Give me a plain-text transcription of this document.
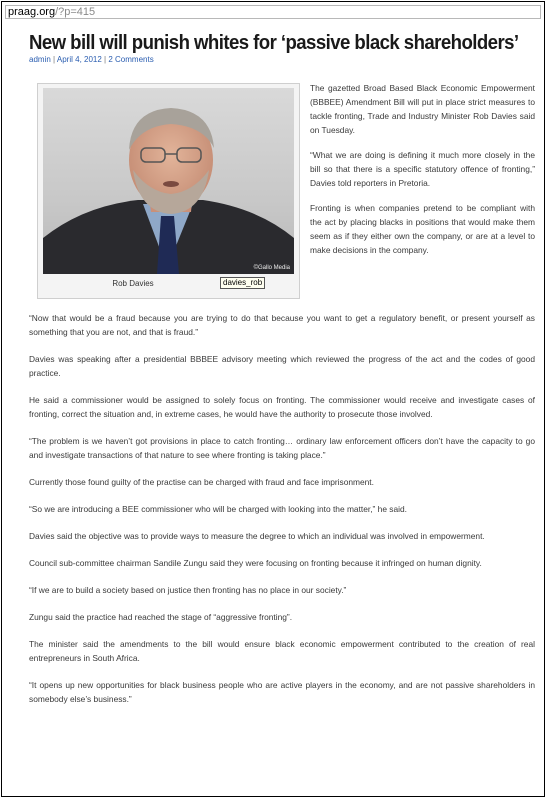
praag.org/?p=415
New bill will punish whites for ‘passive black shareholders’
admin | April 4, 2012 | 2 Comments
©Gallo Media
Rob Davies	davies_rob

The gazetted Broad Based Black Economic Empowerment (BBBEE) Amendment Bill will put in place strict measures to tackle fronting, Trade and Industry Minister Rob Davies said on Tuesday.

“What we are doing is defining it much more closely in the bill so that there is a specific statutory offence of fronting,” Davies told reporters in Pretoria.

Fronting is when companies pretend to be compliant with the act by placing blacks in positions that would make them seem as if they either own the company, or are at a level to make decisions in the company.

“Now that would be a fraud because you are trying to do that because you want to get a regulatory benefit, or present yourself as something that you are not, and that is fraud.”

Davies was speaking after a presidential BBBEE advisory meeting which reviewed the progress of the act and the codes of good practice.

He said a commissioner would be assigned to solely focus on fronting. The commissioner would receive and investigate cases of fronting, correct the situation and, in extreme cases, he would have the authority to prosecute those involved.

“The problem is we haven’t got provisions in place to catch fronting… ordinary law enforcement officers don’t have the capacity to go and investigate transactions of that nature to see where fronting is taking place.”

Currently those found guilty of the practise can be charged with fraud and face imprisonment.

“So we are introducing a BEE commissioner who will be charged with looking into the matter,” he said.

Davies said the objective was to provide ways to measure the degree to which an individual was involved in empowerment.

Council sub-committee chairman Sandile Zungu said they were focusing on fronting because it infringed on human dignity.

“If we are to build a society based on justice then fronting has no place in our society.”

Zungu said the practice had reached the stage of “aggressive fronting”.

The minister said the amendments to the bill would ensure black economic empowerment contributed to the creation of real entrepreneurs in South Africa.

“It opens up new opportunities for black business people who are active players in the economy, and are not passive shareholders in somebody else’s business.”
